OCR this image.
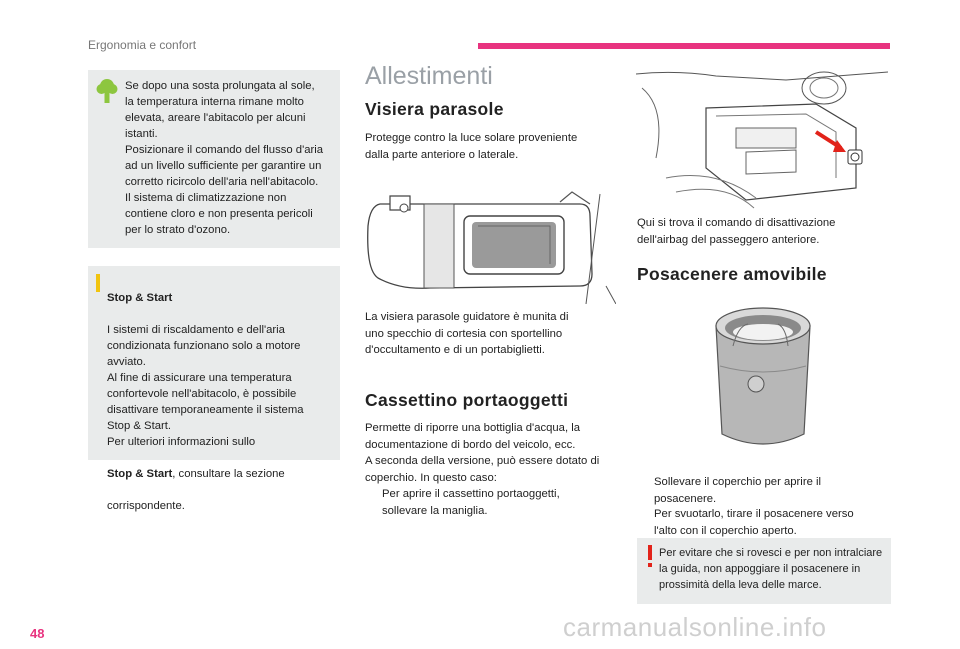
Ergonomia e confort
Se dopo una sosta prolungata al sole,
la temperatura interna rimane molto
elevata, areare l'abitacolo per alcuni
istanti.
Posizionare il comando del flusso d'aria
ad un livello sufficiente per garantire un
corretto ricircolo dell'aria nell'abitacolo.
Il sistema di climatizzazione non
contiene cloro e non presenta pericoli
per lo strato d'ozono.

Stop & Start

I sistemi di riscaldamento e dell'aria
condizionata funzionano solo a motore
avviato.
Al fine di assicurare una temperatura
confortevole nell'abitacolo, è possibile
disattivare temporaneamente il sistema
Stop & Start.
Per ulteriori informazioni sullo

Stop & Start, consultare la sezione

corrispondente.

Allestimenti
Visiera parasole
Protegge contro la luce solare proveniente
dalla parte anteriore o laterale.
La visiera parasole guidatore è munita di
uno specchio di cortesia con sportellino
d'occultamento e di un portabiglietti.
Cassettino portaoggetti
Permette di riporre una bottiglia d'acqua, la
documentazione di bordo del veicolo, ecc.
A seconda della versione, può essere dotato di
coperchio. In questo caso:
Per aprire il cassettino portaoggetti,
sollevare la maniglia.
Qui si trova il comando di disattivazione
dell'airbag del passeggero anteriore.
Posacenere amovibile
Sollevare il coperchio per aprire il
posacenere.
Per svuotarlo, tirare il posacenere verso
l'alto con il coperchio aperto.
Per evitare che si rovesci e per non intralciare
la guida, non appoggiare il posacenere in
prossimità della leva delle marce.
48	carmanualsonline.info
